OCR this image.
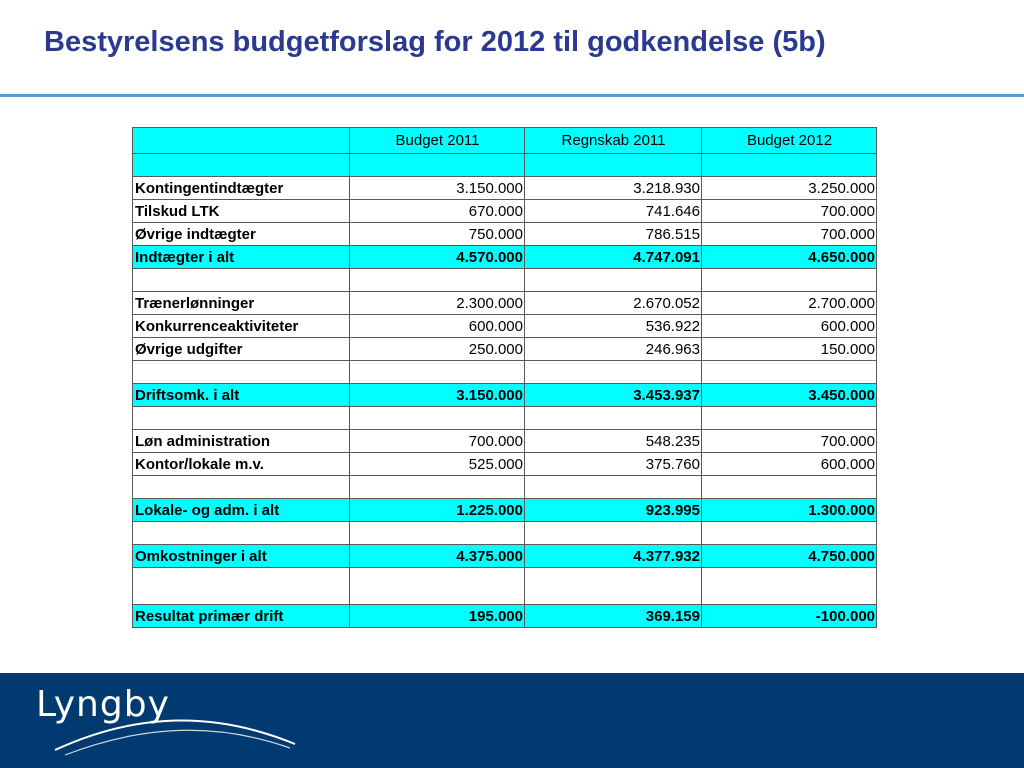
Bestyrelsens budgetforslag for 2012 til godkendelse (5b)
	Budget 2011	Regnskab 2011	Budget 2012

Kontingentindtægter	3.150.000	3.218.930	3.250.000
Tilskud LTK	670.000	741.646	700.000
Øvrige indtægter	750.000	786.515	700.000
Indtægter i alt	4.570.000	4.747.091	4.650.000

Trænerlønninger	2.300.000	2.670.052	2.700.000
Konkurrenceaktiviteter	600.000	536.922	600.000
Øvrige udgifter	250.000	246.963	150.000

Driftsomk. i alt	3.150.000	3.453.937	3.450.000

Løn administration	700.000	548.235	700.000
Kontor/lokale m.v.	525.000	375.760	600.000

Lokale- og adm. i alt	1.225.000	923.995	1.300.000

Omkostninger i alt	4.375.000	4.377.932	4.750.000

Resultat primær drift	195.000	369.159	-100.000
Lyngby
